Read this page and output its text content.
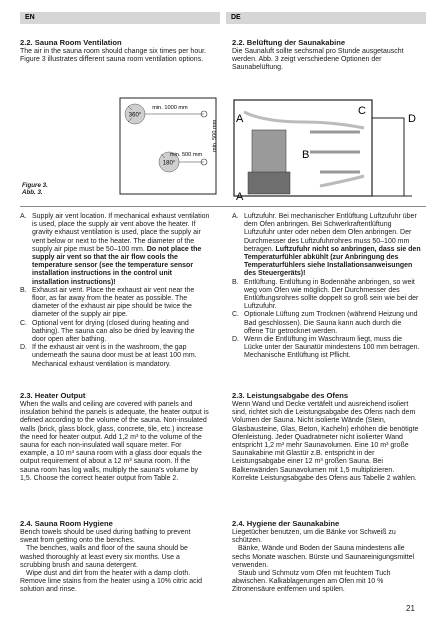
EN	DE
2.2. Sauna Room Ventilation

The air in the sauna room should change six times per hour. Figure 3 illustrates different sauna room ventilation options.

2.2. Belüftung der Saunakabine

Die Saunaluft sollte sechsmal pro Stunde ausgetauscht werden. Abb. 3 zeigt verschiedene Optionen der Saunabelüftung.

360°
180°
min. 1000 mm
min. 500 mm
min. 500 mm
A
C
D
B
A
Figure 3.
Abb. 3.
A. Supply air vent location. If mechanical exhaust ventilation is used, place the supply air vent above the heater. If gravity exhaust ventilation is used, place the supply air vent below or next to the heater. The diameter of the supply air pipe must be 50–100 mm. Do not place the supply air vent so that the air flow cools the temperature sensor (see the temperature sensor installation instructions in the control unit installation instructions)!
B. Exhaust air vent. Place the exhaust air vent near the floor, as far away from the heater as possible. The diameter of the exhaust air pipe should be twice the diameter of the supply air pipe.
C. Optional vent for drying (closed during heating and bathing). The sauna can also be dried by leaving the door open after bathing.
D. If the exhaust air vent is in the washroom, the gap underneath the sauna door must be at least 100 mm. Mechanical exhaust ventilation is mandatory.
A. Luftzufuhr. Bei mechanischer Entlüftung Luftzufuhr über dem Ofen anbringen. Bei Schwerkraftentlüftung Luftzufuhr unter oder neben dem Ofen anbringen. Der Durchmesser des Luftzufuhrrohres muss 50–100 mm betragen. Luftzufuhr nicht so anbringen, dass sie den Temperaturfühler abkühlt (zur Anbringung des Temperaturfühlers siehe Installationsanweisungen des Steuergeräts)!
B. Entlüftung. Entlüftung in Bodennähe anbringen, so weit weg vom Ofen wie möglich. Der Durchmesser des Entlüftungsrohres sollte doppelt so groß sein wie bei der Luftzufuhr.
C. Optionale Lüftung zum Trocknen (während Heizung und Bad geschlossen). Die Sauna kann auch durch die offene Tür getrocknet werden.
D. Wenn die Entlüftung im Waschraum liegt, muss die Lücke unter der Saunatür mindestens 100 mm betragen. Mechanische Entlüftung ist Pflicht.
2.3. Heater Output

When the walls and ceiling are covered with panels and insulation behind the panels is adequate, the heater output is defined according to the volume of the sauna. Non-insulated walls (brick, glass block, glass, concrete, tile, etc.) increase the need for heater output. Add 1,2 m³ to the volume of the sauna for each non-insulated wall square meter. For example, a 10 m³ sauna room with a glass door equals the output requirement of about a 12 m³ sauna room. If the sauna room has log walls, multiply the sauna's volume by 1,5. Choose the correct heater output from Table 2.

2.3. Leistungsabgabe des Ofens

Wenn Wand und Decke vertäfelt und ausreichend isoliert sind, richtet sich die Leistungsabgabe des Ofens nach dem Volumen der Sauna. Nicht isolierte Wände (Stein, Glasbausteine, Glas, Beton, Kacheln) erhöhen die benötigte Ofenleistung. Jeder Quadratmeter nicht isolierter Wand entspricht 1,2 m³ mehr Saunavolumen. Eine 10 m³ große Saunakabine mit Glastür z.B. entspricht in der Leistungsabgabe einer 12 m³ großen Sauna. Bei Balkenwänden Saunavolumen mit 1,5 multiplizieren. Korrekte Leistungsabgabe des Ofens aus Tabelle 2 wählen.

2.4. Sauna Room Hygiene

Bench towels should be used during bathing to prevent sweat from getting onto the benches.

The benches, walls and floor of the sauna should be washed thoroughly at least every six months. Use a scrubbing brush and sauna detergent.

Wipe dust and dirt from the heater with a damp cloth. Remove lime stains from the heater using a 10% citric acid solution and rinse.

2.4. Hygiene der Saunakabine

Liegetücher benutzen, um die Bänke vor Schweiß zu schützen.

Bänke, Wände und Boden der Sauna mindestens alle sechs Monate waschen. Bürste und Saunareinigungsmittel verwenden.

Staub und Schmutz vom Ofen mit feuchtem Tuch abwischen. Kalkablagerungen am Ofen mit 10 % Zitronensäure entfernen und spülen.

21
